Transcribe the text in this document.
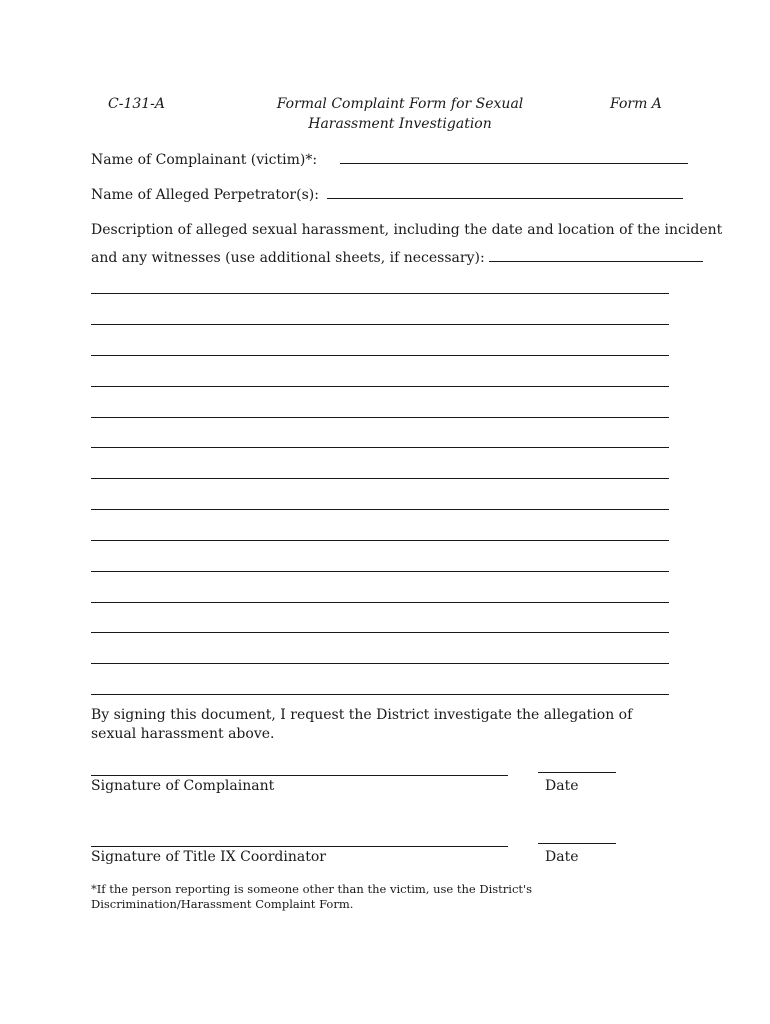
C-131-A	Formal Complaint Form for Sexual
Harassment Investigation
Form A
Name of Complainant (victim)*:
Name of Alleged Perpetrator(s):
Description of alleged sexual harassment, including the date and location of the incident
and any witnesses (use additional sheets, if necessary):
By signing this document, I request the District investigate the allegation of sexual harassment above.
Signature of Complainant	Date
Signature of Title IX Coordinator	Date
*If the person reporting is someone other than the victim, use the District's Discrimination/Harassment Complaint Form.
